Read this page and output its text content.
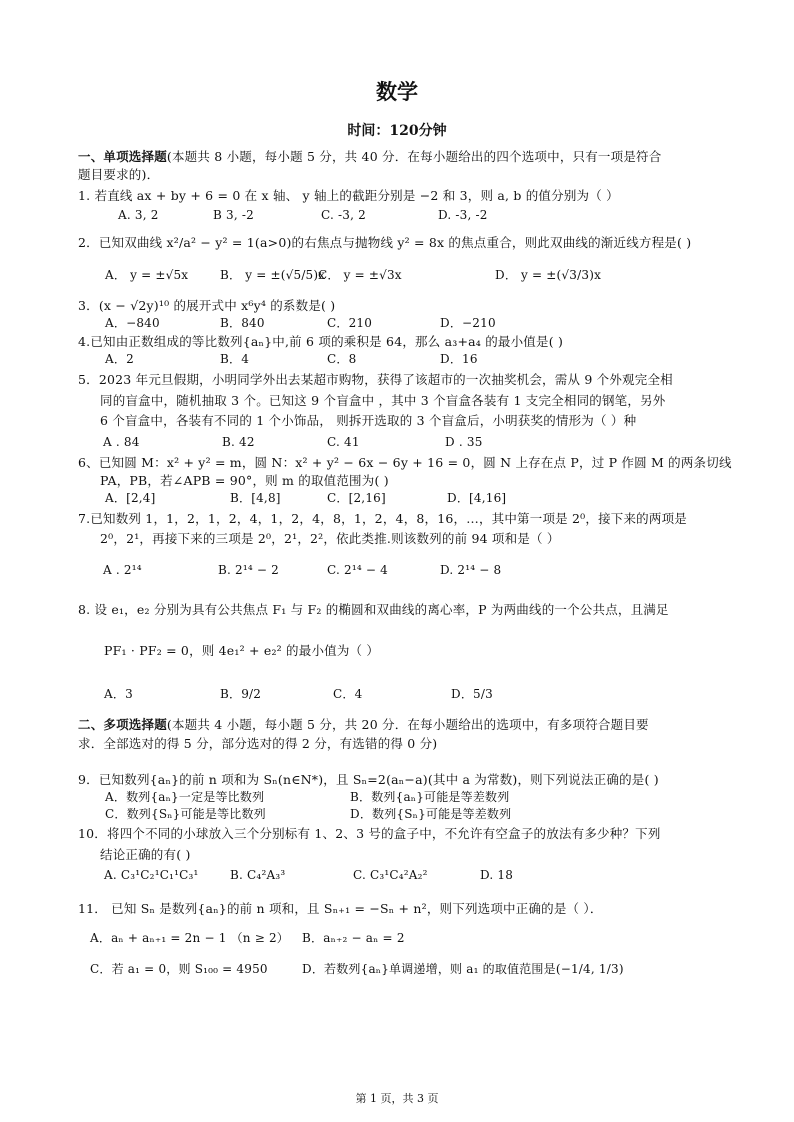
数学
时间：120分钟
一、单项选择题(本题共 8 小题，每小题 5 分，共 40 分．在每小题给出的四个选项中，只有一项是符合
题目要求的)．
1. 若直线 ax + by + 6 = 0 在 x 轴、 y 轴上的截距分别是 −2 和 3，则 a, b 的值分别为（ ）
A. 3, 2	B 3, -2	C. -3, 2	D. -3, -2
2．已知双曲线 x²/a² − y² = 1(a>0)的右焦点与抛物线 y² = 8x 的焦点重合，则此双曲线的渐近线方程是( )
A． y = ±√5x	B． y = ±(√5/5)x
C． y = ±√3x	D． y = ±(√3/3)x
3．(x − √2y)¹⁰ 的展开式中 x⁶y⁴ 的系数是( )
A．−840	B．840	C．210	D．−210
4.已知由正数组成的等比数列{aₙ}中,前 6 项的乘积是 64，那么 a₃+a₄ 的最小值是( )
A．2	B．4	C．8	D．16
5．2023 年元旦假期，小明同学外出去某超市购物，获得了该超市的一次抽奖机会，需从 9 个外观完全相
同的盲盒中，随机抽取 3 个。已知这 9 个盲盒中 ，其中 3 个盲盒各装有 1 支完全相同的钢笔，另外
6 个盲盒中，各装有不同的 1 个小饰品， 则拆开选取的 3 个盲盒后，小明获奖的情形为（ ）种
A . 84	B. 42	C. 41	D . 35
6、已知圆 M：x² + y² = m，圆 N：x² + y² − 6x − 6y + 16 = 0，圆 N 上存在点 P，过 P 作圆 M 的两条切线
PA，PB，若∠APB = 90°，则 m 的取值范围为( )
A．[2,4]	B．[4,8]	C．[2,16]	D．[4,16]
7.已知数列 1，1，2，1，2，4，1，2，4，8，1，2，4，8，16，…，其中第一项是 2⁰，接下来的两项是
2⁰，2¹，再接下来的三项是 2⁰，2¹，2²，依此类推.则该数列的前 94 项和是（ ）
A . 2¹⁴	B. 2¹⁴ − 2	C. 2¹⁴ − 4	D. 2¹⁴ − 8
8. 设 e₁，e₂ 分别为具有公共焦点 F₁ 与 F₂ 的椭圆和双曲线的离心率，P 为两曲线的一个公共点，且满足
PF₁ · PF₂ = 0，则 4e₁² + e₂² 的最小值为（ ）
A．3	B．9/2	C．4	D．5/3
二、多项选择题(本题共 4 小题，每小题 5 分，共 20 分．在每小题给出的选项中，有多项符合题目要
求．全部选对的得 5 分，部分选对的得 2 分，有选错的得 0 分)
9．已知数列{aₙ}的前 n 项和为 Sₙ(n∈N*)，且 Sₙ=2(aₙ−a)(其中 a 为常数)，则下列说法正确的是( )
A．数列{aₙ}一定是等比数列	B．数列{aₙ}可能是等差数列
C．数列{Sₙ}可能是等比数列	D．数列{Sₙ}可能是等差数列
10．将四个不同的小球放入三个分别标有 1、2、3 号的盒子中，不允许有空盒子的放法有多少种？下列
结论正确的有( )
A. C₃¹C₂¹C₁¹C₃¹	B. C₄²A₃³	C. C₃¹C₄²A₂²	D. 18
11． 已知 Sₙ 是数列{aₙ}的前 n 项和，且 Sₙ₊₁ = −Sₙ + n²，则下列选项中正确的是（ ）．
A．aₙ + aₙ₊₁ = 2n − 1 （n ≥ 2） B．aₙ₊₂ − aₙ = 2
C．若 a₁ = 0，则 S₁₀₀ = 4950	D．若数列{aₙ}单调递增，则 a₁ 的取值范围是(−1/4, 1/3)
第 1 页，共 3 页
